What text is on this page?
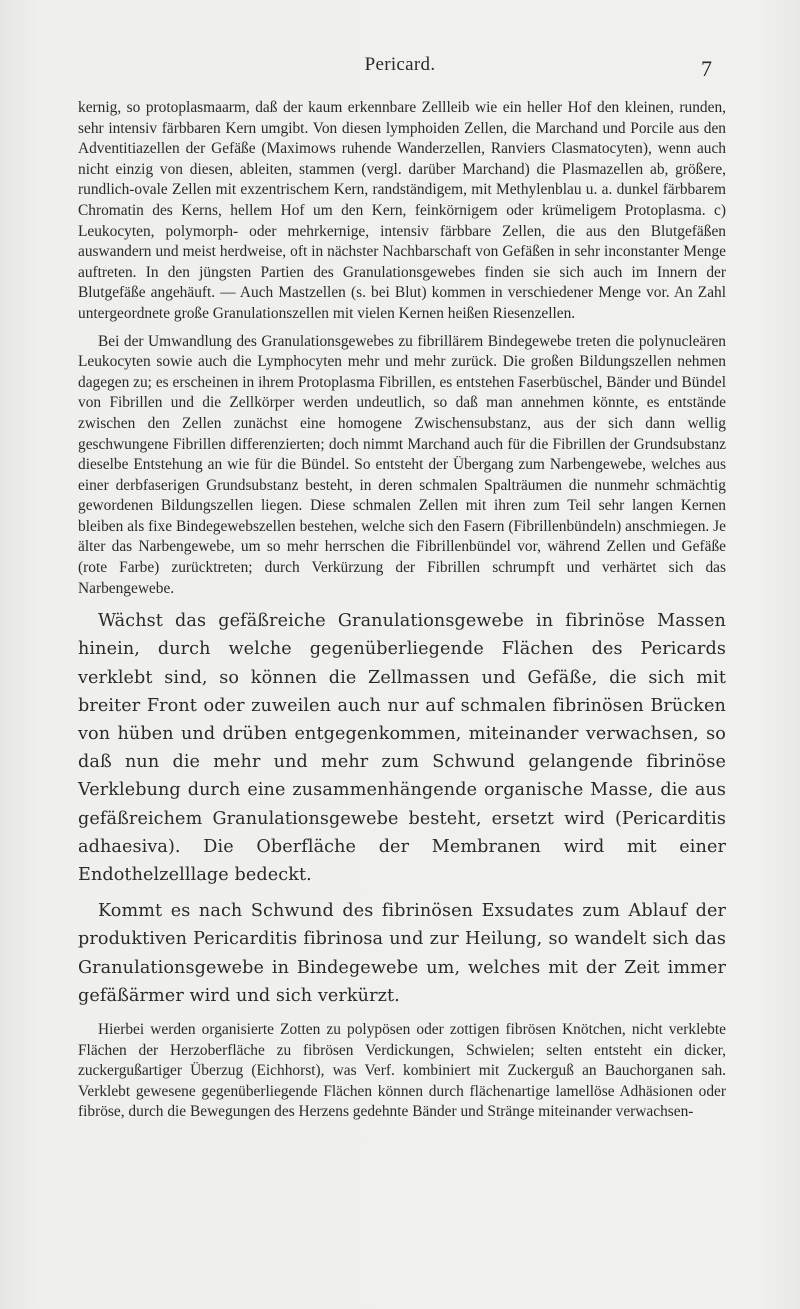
Pericard.	7

kernig, so protoplasmaarm, daß der kaum erkennbare Zellleib wie ein heller Hof den kleinen, runden, sehr intensiv färbbaren Kern umgibt. Von diesen lymphoiden Zellen, die Marchand und Porcile aus den Adventitiazellen der Gefäße (Maximows ruhende Wanderzellen, Ranviers Clasmatocyten), wenn auch nicht einzig von diesen, ableiten, stammen (vergl. darüber Marchand) die Plasmazellen ab, größere, rundlich-ovale Zellen mit exzentrischem Kern, randständigem, mit Methylenblau u. a. dunkel färbbarem Chromatin des Kerns, hellem Hof um den Kern, feinkörnigem oder krümeligem Protoplasma. c) Leukocyten, polymorph- oder mehrkernige, intensiv färbbare Zellen, die aus den Blutgefäßen auswandern und meist herdweise, oft in nächster Nachbarschaft von Gefäßen in sehr inconstanter Menge auftreten. In den jüngsten Partien des Granulationsgewebes finden sie sich auch im Innern der Blutgefäße angehäuft. — Auch Mastzellen (s. bei Blut) kommen in verschiedener Menge vor. An Zahl untergeordnete große Granulationszellen mit vielen Kernen heißen Riesenzellen.

Bei der Umwandlung des Granulationsgewebes zu fibrillärem Bindegewebe treten die polynucleären Leukocyten sowie auch die Lymphocyten mehr und mehr zurück. Die großen Bildungszellen nehmen dagegen zu; es erscheinen in ihrem Protoplasma Fibrillen, es entstehen Faserbüschel, Bänder und Bündel von Fibrillen und die Zellkörper werden undeutlich, so daß man annehmen könnte, es entstände zwischen den Zellen zunächst eine homogene Zwischensubstanz, aus der sich dann wellig geschwungene Fibrillen differenzierten; doch nimmt Marchand auch für die Fibrillen der Grundsubstanz dieselbe Entstehung an wie für die Bündel. So entsteht der Übergang zum Narbengewebe, welches aus einer derbfaserigen Grundsubstanz besteht, in deren schmalen Spalträumen die nunmehr schmächtig gewordenen Bildungszellen liegen. Diese schmalen Zellen mit ihren zum Teil sehr langen Kernen bleiben als fixe Bindegewebszellen bestehen, welche sich den Fasern (Fibrillenbündeln) anschmiegen. Je älter das Narbengewebe, um so mehr herrschen die Fibrillenbündel vor, während Zellen und Gefäße (rote Farbe) zurücktreten; durch Verkürzung der Fibrillen schrumpft und verhärtet sich das Narbengewebe.

Wächst das gefäßreiche Granulationsgewebe in fibrinöse Massen hinein, durch welche gegenüberliegende Flächen des Pericards verklebt sind, so können die Zellmassen und Gefäße, die sich mit breiter Front oder zuweilen auch nur auf schmalen fibrinösen Brücken von hüben und drüben entgegenkommen, miteinander verwachsen, so daß nun die mehr und mehr zum Schwund gelangende fibrinöse Verklebung durch eine zusammenhängende organische Masse, die aus gefäßreichem Granulationsgewebe besteht, ersetzt wird (Pericarditis adhaesiva). Die Oberfläche der Membranen wird mit einer Endothelzelllage bedeckt.

Kommt es nach Schwund des fibrinösen Exsudates zum Ablauf der produktiven Pericarditis fibrinosa und zur Heilung, so wandelt sich das Granulationsgewebe in Bindegewebe um, welches mit der Zeit immer gefäßärmer wird und sich verkürzt.

Hierbei werden organisierte Zotten zu polypösen oder zottigen fibrösen Knötchen, nicht verklebte Flächen der Herzoberfläche zu fibrösen Verdickungen, Schwielen; selten entsteht ein dicker, zuckergußartiger Überzug (Eichhorst), was Verf. kombiniert mit Zuckerguß an Bauchorganen sah. Verklebt gewesene gegenüberliegende Flächen können durch flächenartige lamellöse Adhäsionen oder fibröse, durch die Bewegungen des Herzens gedehnte Bänder und Stränge miteinander verwachsen-
